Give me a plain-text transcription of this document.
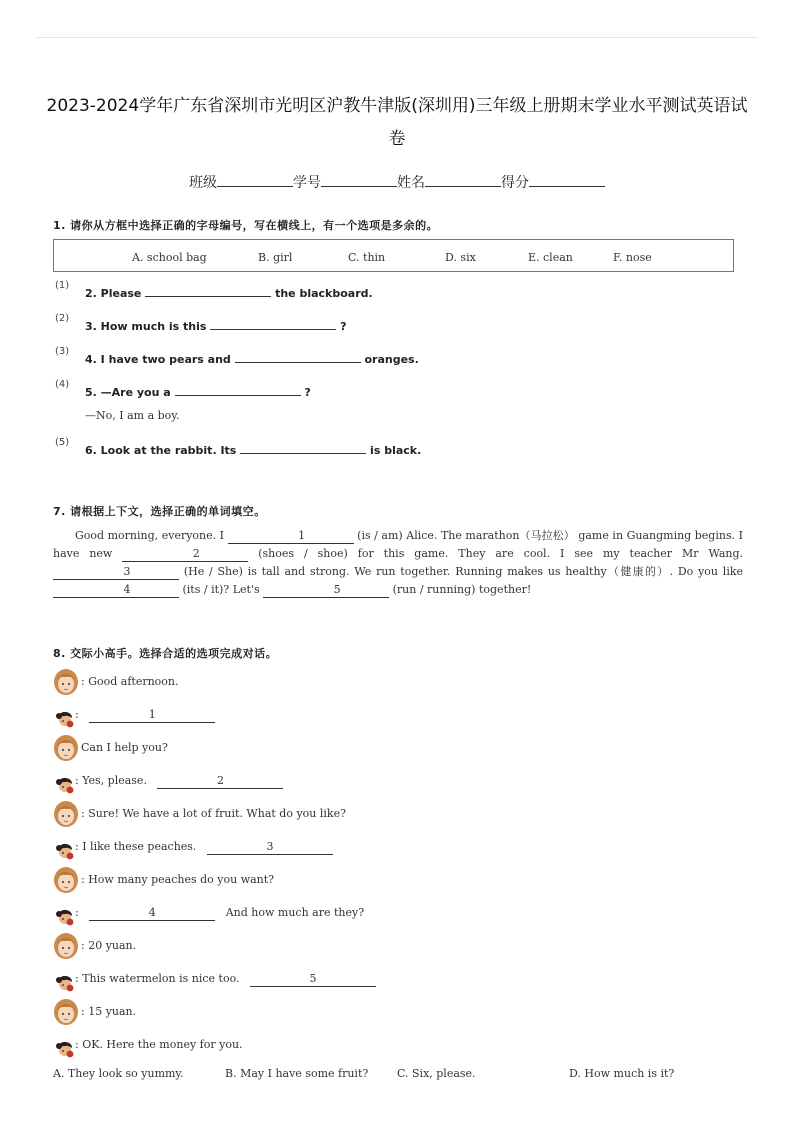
2023-2024学年广东省深圳市光明区沪教牛津版(深圳用)三年级上册期末学业水平测试英语试
卷
班级	学号	姓名	得分
1. 请你从方框中选择正确的字母编号，写在横线上，有一个选项是多余的。
A. school bag	B. girl	C. thin	D. six	E. clean	F. nose
(1)
2. Please	the blackboard.
(2)
3. How much is this	?
(3)
4. I have two pears and	oranges.
(4)
5. —Are you a	?
—No, I am a boy.
(5)
6. Look at the rabbit. Its	is black.
7. 请根据上下文，选择正确的单词填空。
Good morning, everyone. I	1	(is / am) Alice. The marathon（马拉松） game in Guangming begins. I have new	2	(shoes / shoe) for this game. They are cool. I see my teacher Mr Wang. 3	(He / She) is tall and strong. We run together. Running makes us healthy（健康的）. Do you like 4	(its / it)? Let's	5	(run / running) together!
8. 交际小高手。选择合适的选项完成对话。
: Good afternoon.
:	1
Can I help you?
: Yes, please.	2
: Sure! We have a lot of fruit. What do you like?
: I like these peaches.	3
: How many peaches do you want?
:	4	And how much are they?
: 20 yuan.
: This watermelon is nice too.	5
: 15 yuan.
: OK. Here the money for you.
A. They look so yummy.	B. May I have some fruit?	C. Six, please.	D. How much is it?
